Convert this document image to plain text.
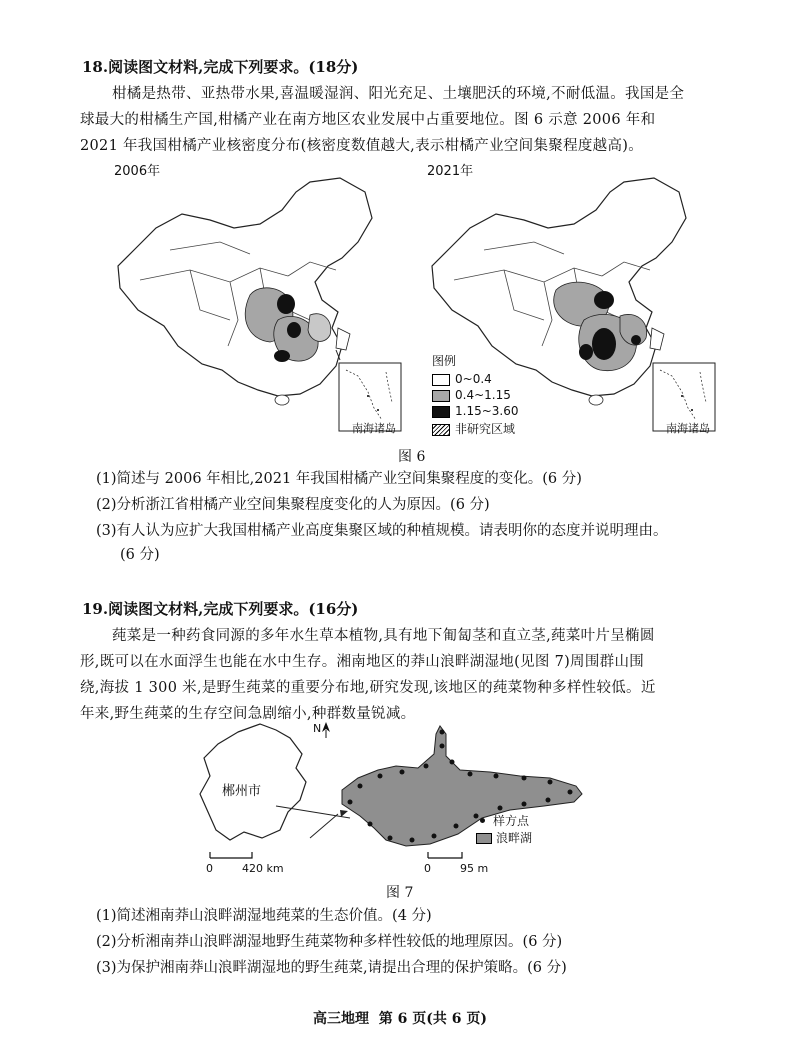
18.阅读图文材料,完成下列要求。(18分)
柑橘是热带、亚热带水果,喜温暖湿润、阳光充足、土壤肥沃的环境,不耐低温。我国是全
球最大的柑橘生产国,柑橘产业在南方地区农业发展中占重要地位。图 6 示意 2006 年和
2021 年我国柑橘产业核密度分布(核密度数值越大,表示柑橘产业空间集聚程度越高)。
2006年	2021年
南海诸岛	南海诸岛
图例
0~0.4
0.4~1.15
1.15~3.60
非研究区域
图 6
(1)简述与 2006 年相比,2021 年我国柑橘产业空间集聚程度的变化。(6 分)
(2)分析浙江省柑橘产业空间集聚程度变化的人为原因。(6 分)
(3)有人认为应扩大我国柑橘产业高度集聚区域的种植规模。请表明你的态度并说明理由。
(6 分)
19.阅读图文材料,完成下列要求。(16分)
莼菜是一种药食同源的多年水生草本植物,具有地下匍匐茎和直立茎,莼菜叶片呈椭圆
形,既可以在水面浮生也能在水中生存。湘南地区的莽山浪畔湖湿地(见图 7)周围群山围
绕,海拔 1 300 米,是野生莼菜的重要分布地,研究发现,该地区的莼菜物种多样性较低。近
年来,野生莼菜的生存空间急剧缩小,种群数量锐减。
N
郴州市
样方点
浪畔湖
0	420 km	0	95 m
图 7
(1)简述湘南莽山浪畔湖湿地莼菜的生态价值。(4 分)
(2)分析湘南莽山浪畔湖湿地野生莼菜物种多样性较低的地理原因。(6 分)
(3)为保护湘南莽山浪畔湖湿地的野生莼菜,请提出合理的保护策略。(6 分)
高三地理  第 6 页(共 6 页)
